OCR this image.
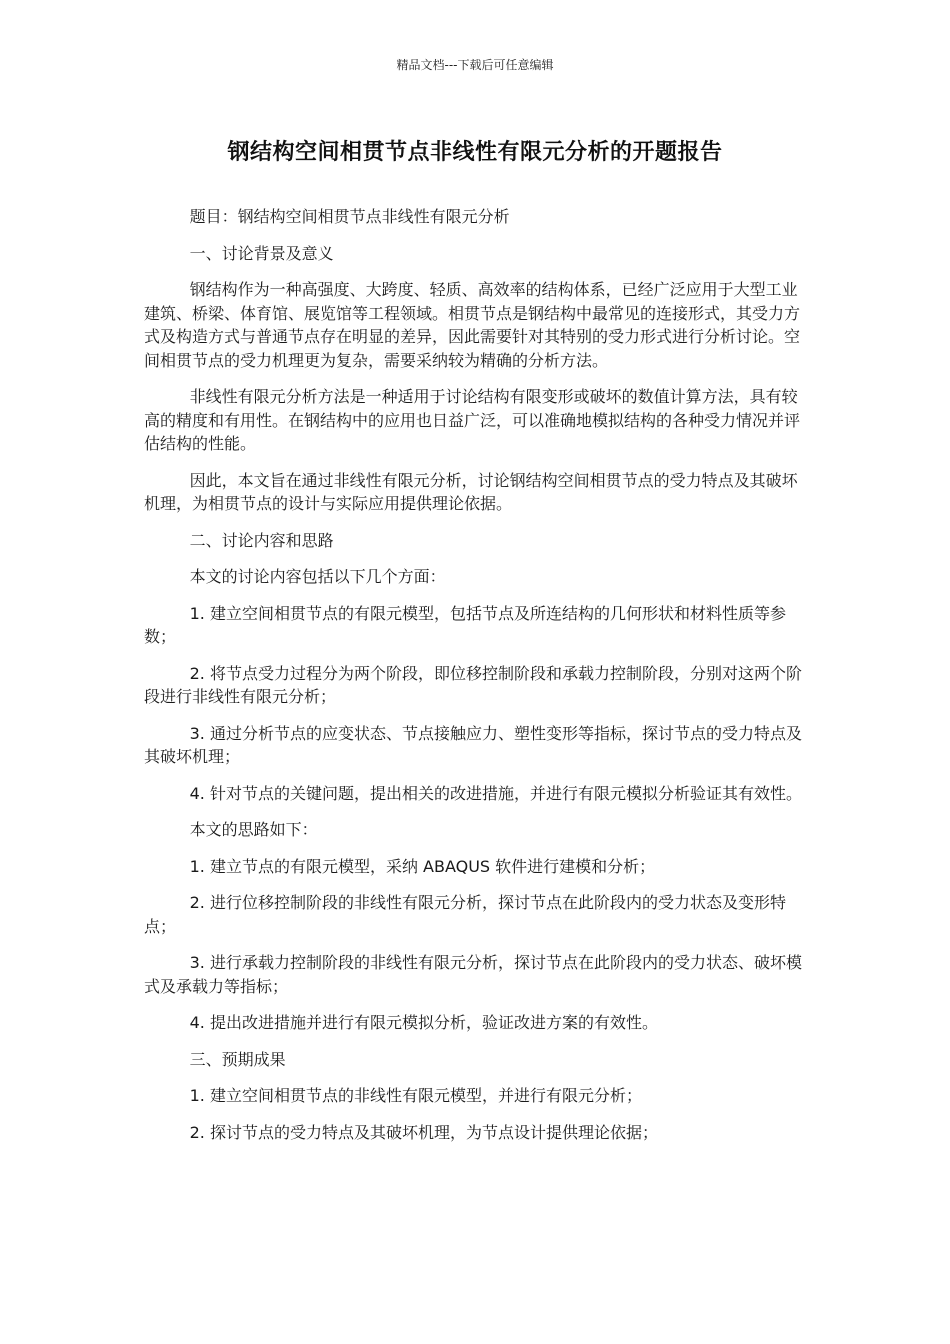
精品文档---下载后可任意编辑
钢结构空间相贯节点非线性有限元分析的开题报告

题目：钢结构空间相贯节点非线性有限元分析

一、讨论背景及意义

钢结构作为一种高强度、大跨度、轻质、高效率的结构体系，已经广泛应用于大型工业建筑、桥梁、体育馆、展览馆等工程领域。相贯节点是钢结构中最常见的连接形式，其受力方式及构造方式与普通节点存在明显的差异，因此需要针对其特别的受力形式进行分析讨论。空间相贯节点的受力机理更为复杂，需要采纳较为精确的分析方法。

非线性有限元分析方法是一种适用于讨论结构有限变形或破坏的数值计算方法，具有较高的精度和有用性。在钢结构中的应用也日益广泛，可以准确地模拟结构的各种受力情况并评估结构的性能。

因此，本文旨在通过非线性有限元分析，讨论钢结构空间相贯节点的受力特点及其破坏机理，为相贯节点的设计与实际应用提供理论依据。

二、讨论内容和思路

本文的讨论内容包括以下几个方面：

1. 建立空间相贯节点的有限元模型，包括节点及所连结构的几何形状和材料性质等参数；

2. 将节点受力过程分为两个阶段，即位移控制阶段和承载力控制阶段，分别对这两个阶段进行非线性有限元分析；

3. 通过分析节点的应变状态、节点接触应力、塑性变形等指标，探讨节点的受力特点及其破坏机理；

4. 针对节点的关键问题，提出相关的改进措施，并进行有限元模拟分析验证其有效性。

本文的思路如下：

1. 建立节点的有限元模型，采纳 ABAQUS 软件进行建模和分析；

2. 进行位移控制阶段的非线性有限元分析，探讨节点在此阶段内的受力状态及变形特点；

3. 进行承载力控制阶段的非线性有限元分析，探讨节点在此阶段内的受力状态、破坏模式及承载力等指标；

4. 提出改进措施并进行有限元模拟分析，验证改进方案的有效性。

三、预期成果

1. 建立空间相贯节点的非线性有限元模型，并进行有限元分析；

2. 探讨节点的受力特点及其破坏机理，为节点设计提供理论依据；
